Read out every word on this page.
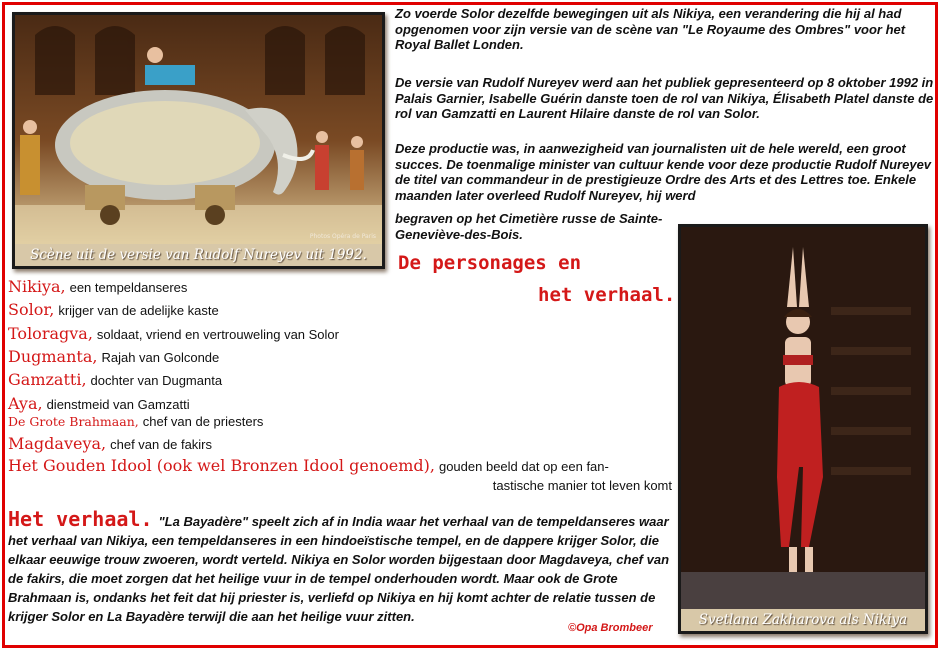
Photos Opéra de Paris
Scène uit de versie van Rudolf Nureyev uit 1992.

Zo voerde Solor dezelfde bewegingen uit als Nikiya, een verandering die hij al had opgenomen voor zijn versie van de scène van "Le Royaume des Ombres" voor het Royal Ballet Londen.

De versie van Rudolf Nureyev werd aan het publiek gepresenteerd op 8 oktober 1992 in Palais Garnier, Isabelle Guérin danste toen de rol van Nikiya, Élisabeth Platel danste de rol van Gamzatti en Laurent Hilaire danste de rol van Solor.

Deze productie was, in aanwezigheid van journalisten uit de hele wereld, een groot succes. De toenmalige minister van cultuur kende voor deze productie Rudolf Nureyev de titel van commandeur in de prestigieuze Ordre des Arts et des Lettres toe. Enkele maanden later overleed Rudolf Nureyev, hij werd

begraven op het Cimetière russe de Sainte-Geneviève-des-Bois.

De personages en
het verhaal.
Nikiya, een tempeldanseres
Solor, krijger van de adelijke kaste
Toloragva, soldaat, vriend en vertrouweling van Solor
Dugmanta, Rajah van Golconde
Gamzatti, dochter van Dugmanta
Aya, dienstmeid van Gamzatti
De Grote Brahmaan, chef van de priesters
Magdaveya, chef van de fakirs
Het Gouden Idool (ook wel Bronzen Idool genoemd), gouden beeld dat op een fan-
tastische manier tot leven komt

Het verhaal. "La Bayadère" speelt zich af in India waar het verhaal van de tempeldanseres waar het verhaal van Nikiya, een tempeldanseres in een hindoeïstische tempel, en de dappere krijger Solor, die elkaar eeuwige trouw zwoeren, wordt verteld. Nikiya en Solor worden bijgestaan door Magdaveya, chef van de fakirs, die moet zorgen dat het heilige vuur in de tempel onderhouden wordt. Maar ook de Grote Brahmaan is, ondanks het feit dat hij priester is, verliefd op Nikiya en hij komt achter de relatie tussen de krijger Solor en La Bayadère terwijl die aan het heilige vuur zitten.	Svetlana Zakharova als Nikiya
©Opa Brombeer
